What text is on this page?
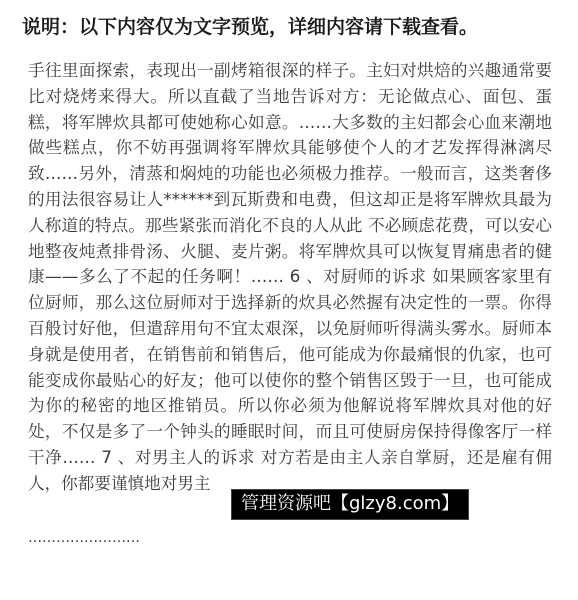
说明：以下内容仅为文字预览，详细内容请下载查看。
手往里面探索，表现出一副烤箱很深的样子。主妇对烘焙的兴趣通常要比对烧烤来得大。所以直截了当地告诉对方：无论做点心、面包、蛋糕，将军牌炊具都可使她称心如意。……大多数的主妇都会心血来潮地做些糕点，你不妨再强调将军牌炊具能够使个人的才艺发挥得淋漓尽致……另外，清蒸和焖炖的功能也必须极力推荐。一般而言，这类奢侈的用法很容易让人******到瓦斯费和电费，但这却正是将军牌炊具最为人称道的特点。那些紧张而消化不良的人从此 不必顾虑花费，可以安心地整夜炖煮排骨汤、火腿、麦片粥。将军牌炊具可以恢复胃痛患者的健康——多么了不起的任务啊！…… 6 、对厨师的诉求 如果顾客家里有位厨师，那么这位厨师对于选择新的炊具必然握有决定性的一票。你得百般讨好他，但遣辞用句不宜太艰深，以免厨师听得满头雾水。厨师本身就是使用者，在销售前和销售后，他可能成为你最痛恨的仇家，也可能变成你最贴心的好友；他可以使你的整个销售区毁于一旦，也可能成为你的秘密的地区推销员。所以你必须为他解说将军牌炊具对他的好处，不仅是多了一个钟头的睡眠时间，而且可使厨房保持得像客厅一样干净…… 7 、对男主人的诉求 对方若是由主人亲自掌厨，还是雇有佣人，你都要谨慎地对男主
……………………
管理资源吧【glzy8.com】
